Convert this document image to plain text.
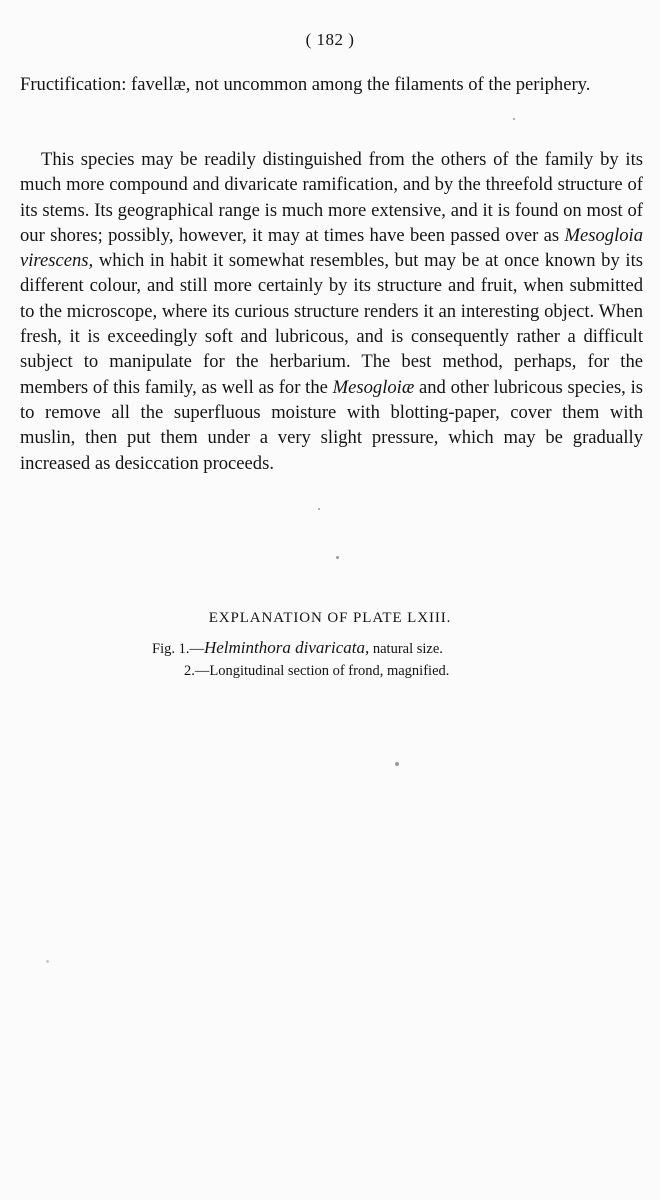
( 182 )

Fructification: favellæ, not uncommon among the filaments of the periphery.

This species may be readily distinguished from the others of the family by its much more compound and divaricate ramification, and by the threefold structure of its stems. Its geographical range is much more extensive, and it is found on most of our shores; possibly, however, it may at times have been passed over as Mesogloia virescens, which in habit it somewhat resembles, but may be at once known by its different colour, and still more certainly by its structure and fruit, when submitted to the microscope, where its curious structure renders it an interesting object. When fresh, it is exceedingly soft and lubricous, and is consequently rather a difficult subject to manipulate for the herbarium. The best method, perhaps, for the members of this family, as well as for the Mesogloiæ and other lubricous species, is to remove all the superfluous moisture with blotting-paper, cover them with muslin, then put them under a very slight pressure, which may be gradually increased as desiccation proceeds.

EXPLANATION OF PLATE LXIII.
Fig. 1.—Helminthora divaricata, natural size.
2.—Longitudinal section of frond, magnified.
